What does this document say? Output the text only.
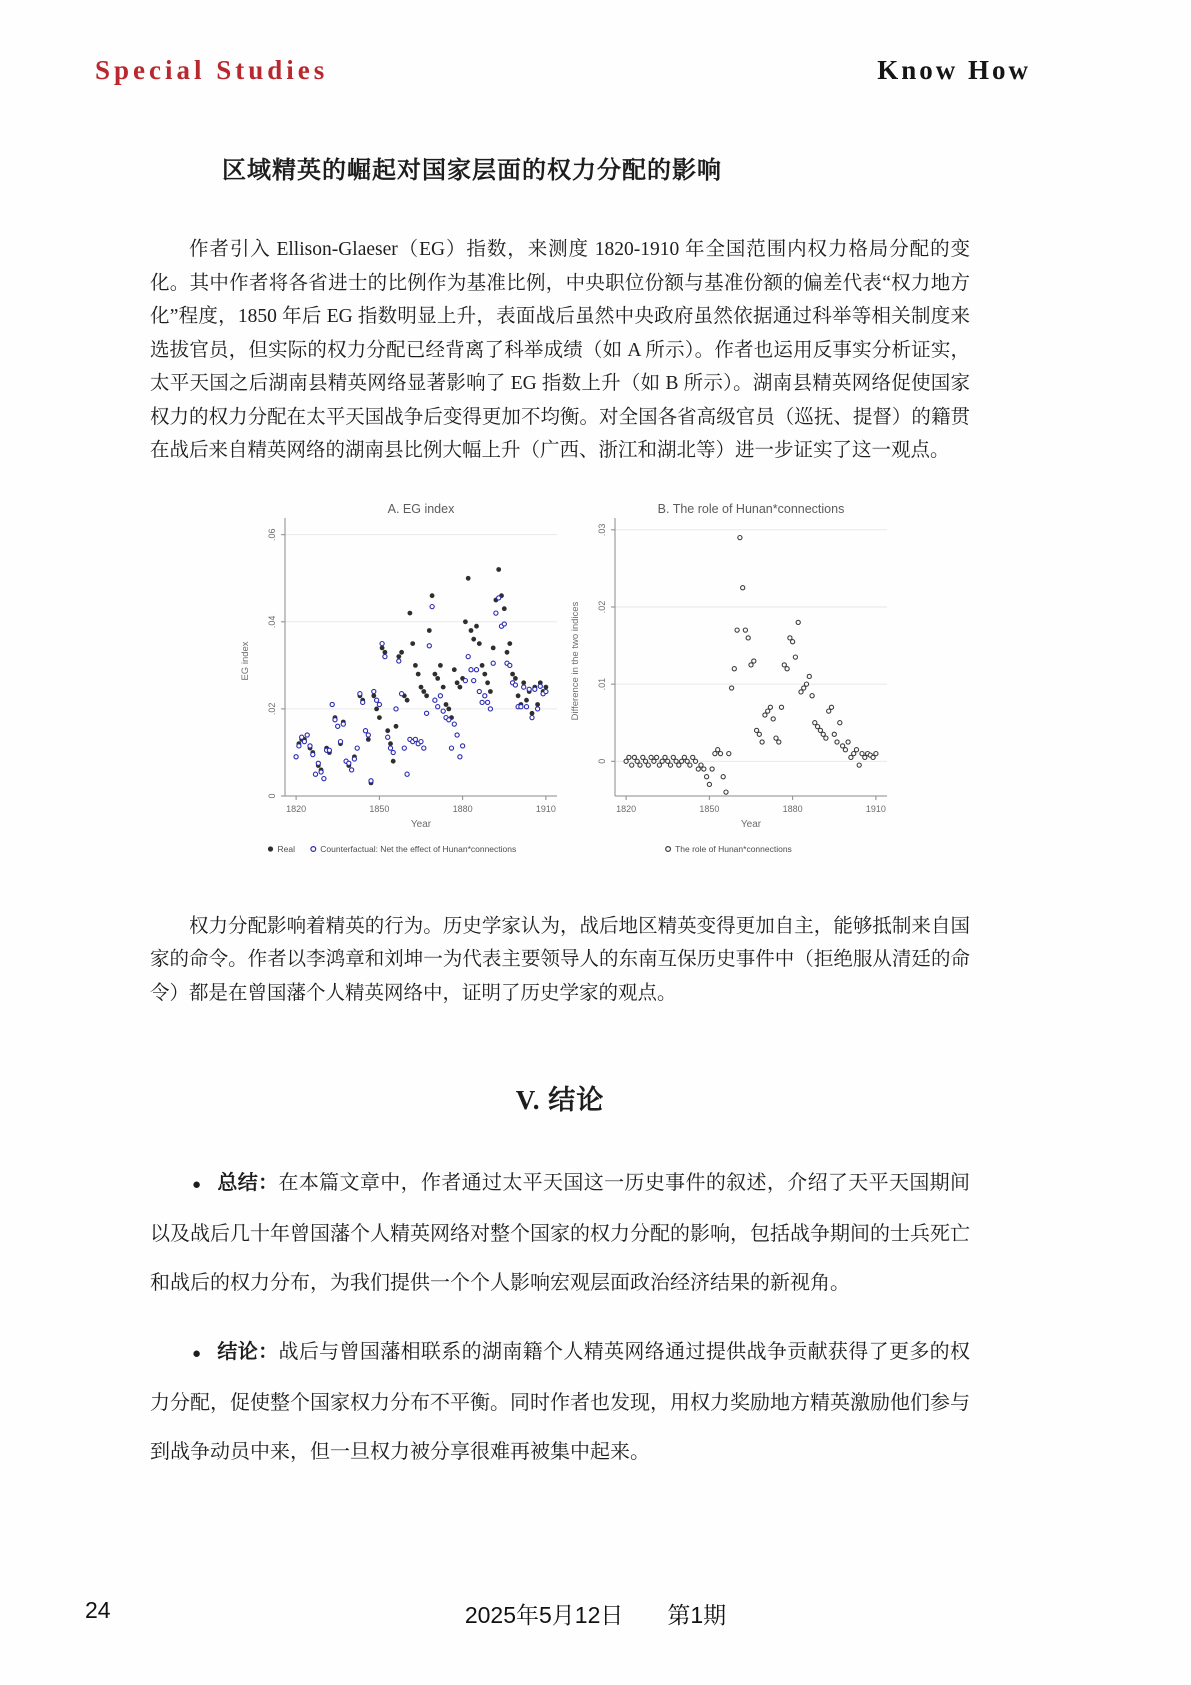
Special Studies	Know How
区域精英的崛起对国家层面的权力分配的影响

作者引入 Ellison-Glaeser（EG）指数，来测度 1820-1910 年全国范围内权力格局分配的变化。其中作者将各省进士的比例作为基准比例，中央职位份额与基准份额的偏差代表“权力地方化”程度，1850 年后 EG 指数明显上升，表面战后虽然中央政府虽然依据通过科举等相关制度来选拔官员，但实际的权力分配已经背离了科举成绩（如 A 所示）。作者也运用反事实分析证实，太平天国之后湖南县精英网络显著影响了 EG 指数上升（如 B 所示）。湖南县精英网络促使国家权力的权力分配在太平天国战争后变得更加不均衡。对全国各省高级官员（巡抚、提督）的籍贯在战后来自精英网络的湖南县比例大幅上升（广西、浙江和湖北等）进一步证实了这一观点。

0
.02
.04
.06
1820	1850	1880	1910
Year
EG index
A. EG index
Real	Counterfactual: Net the effect of Hunan*connections
0
.01
.02
.03
1820	1850	1880	1910
Year
Difference in the two indices
B. The role of Hunan*connections
The role of Hunan*connections

权力分配影响着精英的行为。历史学家认为，战后地区精英变得更加自主，能够抵制来自国家的命令。作者以李鸿章和刘坤一为代表主要领导人的东南互保历史事件中（拒绝服从清廷的命令）都是在曾国藩个人精英网络中，证明了历史学家的观点。

V. 结论

● 总结：在本篇文章中，作者通过太平天国这一历史事件的叙述，介绍了天平天国期间以及战后几十年曾国藩个人精英网络对整个国家的权力分配的影响，包括战争期间的士兵死亡和战后的权力分布，为我们提供一个个人影响宏观层面政治经济结果的新视角。

● 结论：战后与曾国藩相联系的湖南籍个人精英网络通过提供战争贡献获得了更多的权力分配，促使整个国家权力分布不平衡。同时作者也发现，用权力奖励地方精英激励他们参与到战争动员中来，但一旦权力被分享很难再被集中起来。

24	2025年5月12日 第1期
